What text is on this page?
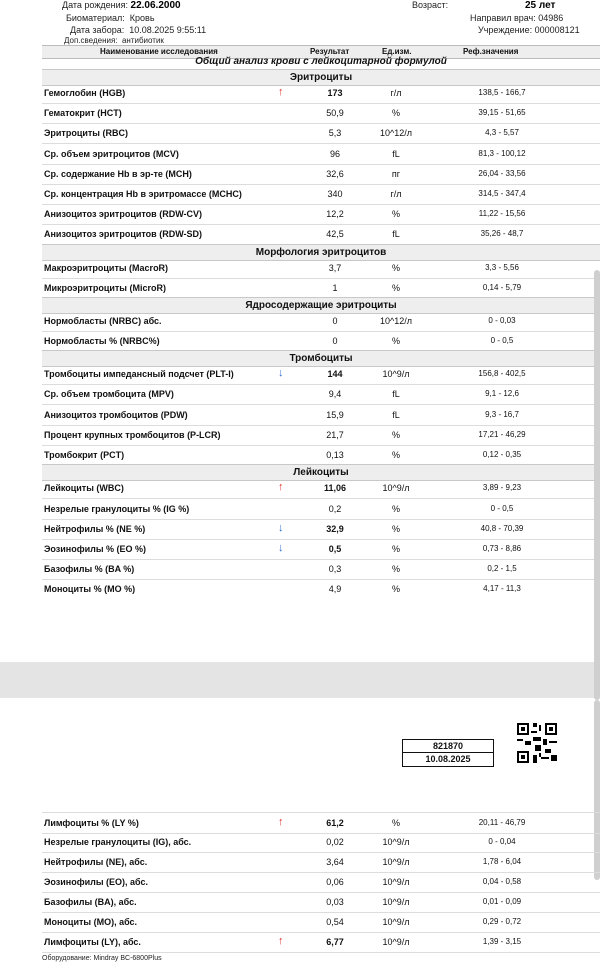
Дата рождения: 22.06.2000	Возраст:	25 лет
Биоматериал: Кровь	Направил врач: 04986
Дата забора: 10.08.2025 9:55:11	Учреждение: 000008121
Доп.сведения: антибиотик
Наименование исследования	Результат	Ед.изм.	Реф.значения
Общий анализ крови с лейкоцитарной формулой
Эритроциты
Гемоглобин (HGB)	↑	173	г/л	138,5 - 166,7
Гематокрит (HCT)	50,9	%	39,15 - 51,65
Эритроциты (RBC)	5,3	10^12/л	4,3 - 5,57
Ср. объем эритроцитов (MCV)	96	fL	81,3 - 100,12
Ср. содержание Hb в эр-те (MCH)	32,6	пг	26,04 - 33,56
Ср. концентрация Hb в эритромассе (MCHC)	340	г/л	314,5 - 347,4
Анизоцитоз эритроцитов (RDW-CV)	12,2	%	11,22 - 15,56
Анизоцитоз эритроцитов (RDW-SD)	42,5	fL	35,26 - 48,7
Морфология эритроцитов
Макроэритроциты (MacroR)	3,7	%	3,3 - 5,56
Микроэритроциты (MicroR)	1	%	0,14 - 5,79
Ядросодержащие эритроциты
Нормобласты (NRBC) абс.	0	10^12/л	0 - 0,03
Нормобласты % (NRBC%)	0	%	0 - 0,5
Тромбоциты
Тромбоциты импедансный подсчет (PLT-I)	↓	144	10^9/л	156,8 - 402,5
Ср. объем тромбоцита (MPV)	9,4	fL	9,1 - 12,6
Анизоцитоз тромбоцитов (PDW)	15,9	fL	9,3 - 16,7
Процент крупных тромбоцитов (P-LCR)	21,7	%	17,21 - 46,29
Тромбокрит (PCT)	0,13	%	0,12 - 0,35
Лейкоциты
Лейкоциты (WBC)	↑	11,06	10^9/л	3,89 - 9,23
Незрелые гранулоциты % (IG %)	0,2	%	0 - 0,5
Нейтрофилы % (NE %)	↓	32,9	%	40,8 - 70,39
Эозинофилы % (EO %)	↓	0,5	%	0,73 - 8,86
Базофилы % (BA %)	0,3	%	0,2 - 1,5
Моноциты % (MO %)	4,9	%	4,17 - 11,3
821870
10.08.2025
Лимфоциты % (LY %)	↑	61,2	%	20,11 - 46,79
Незрелые гранулоциты (IG), абс.	0,02	10^9/л	0 - 0,04
Нейтрофилы (NE), абс.	3,64	10^9/л	1,78 - 6,04
Эозинофилы (EO), абс.	0,06	10^9/л	0,04 - 0,58
Базофилы (BA), абс.	0,03	10^9/л	0,01 - 0,09
Моноциты (MO), абс.	0,54	10^9/л	0,29 - 0,72
Лимфоциты (LY), абс.	↑	6,77	10^9/л	1,39 - 3,15
Оборудование: Mindray BC-6800Plus
